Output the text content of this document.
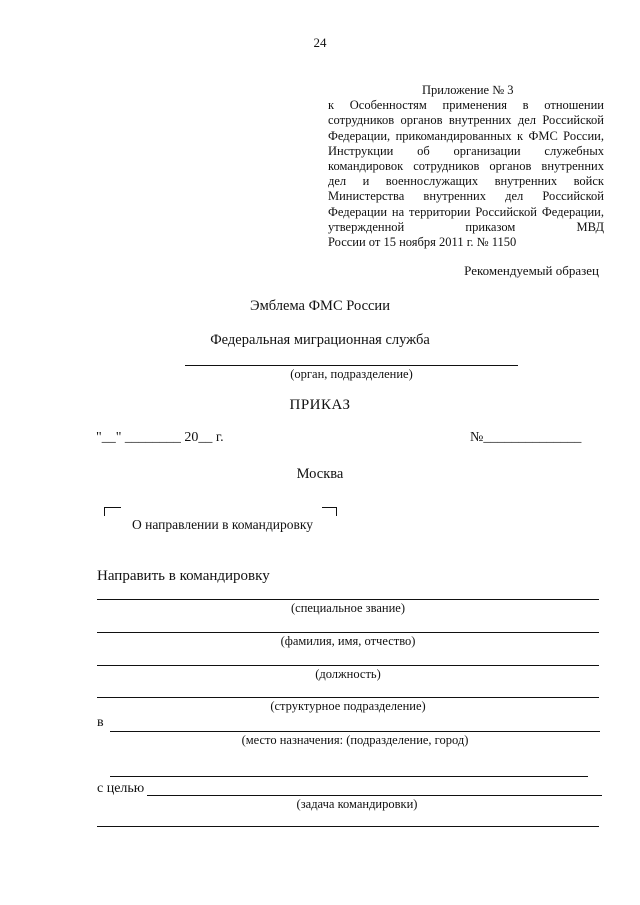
24
Приложение № 3
к Особенностям применения в отношении сотрудников органов внутренних дел Российской Федерации, прикомандированных к ФМС России, Инструкции об организации служебных командировок сотрудников органов внутренних дел и военнослужащих внутренних войск Министерства внутренних дел Российской Федерации на территории Российской Федерации, утвержденной приказом МВД
России от 15 ноября 2011 г. № 1150
Рекомендуемый образец
Эмблема ФМС России
Федеральная миграционная служба
(орган, подразделение)
ПРИКАЗ
"__" ________ 20__ г.	№______________
Москва
О направлении в командировку
Направить в командировку
(специальное звание)
(фамилия, имя, отчество)
(должность)
(структурное подразделение)
в
(место назначения: (подразделение, город)
с целью
(задача командировки)
